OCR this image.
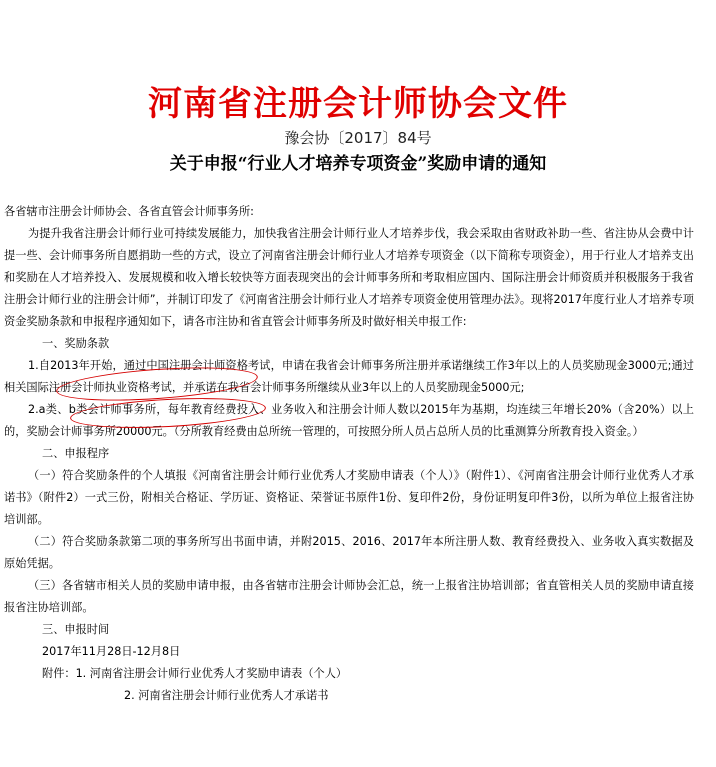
河南省注册会计师协会文件
豫会协〔2017〕84号
关于申报“行业人才培养专项资金”奖励申请的通知

各省辖市注册会计师协会、各省直管会计师事务所:

为提升我省注册会计师行业可持续发展能力，加快我省注册会计师行业人才培养步伐，我会采取由省财政补助一些、省注协从会费中计提一些、会计师事务所自愿捐助一些的方式，设立了河南省注册会计师行业人才培养专项资金（以下简称专项资金），用于行业人才培养支出和奖励在人才培养投入、发展规模和收入增长较快等方面表现突出的会计师事务所和考取相应国内、国际注册会计师资质并积极服务于我省注册会计师行业的注册会计师”，并制订印发了《河南省注册会计师行业人才培养专项资金使用管理办法》。现将2017年度行业人才培养专项资金奖励条款和申报程序通知如下，请各市注协和省直管会计师事务所及时做好相关申报工作:

一、奖励条款

1.自2013年开始，通过中国注册会计师资格考试，申请在我省会计师事务所注册并承诺继续工作3年以上的人员奖励现金3000元;通过相关国际注册会计师执业资格考试，并承诺在我省会计师事务所继续从业3年以上的人员奖励现金5000元;

2.a类、b类会计师事务所，每年教育经费投入、业务收入和注册会计师人数以2015年为基期，均连续三年增长20%（含20%）以上的，奖励会计师事务所20000元。（分所教育经费由总所统一管理的，可按照分所人员占总所人员的比重测算分所教育投入资金。）

二、申报程序

（一）符合奖励条件的个人填报《河南省注册会计师行业优秀人才奖励申请表（个人）》（附件1）、《河南省注册会计师行业优秀人才承诺书》（附件2）一式三份，附相关合格证、学历证、资格证、荣誉证书原件1份、复印件2份，身份证明复印件3份，以所为单位上报省注协培训部。

（二）符合奖励条款第二项的事务所写出书面申请，并附2015、2016、2017年本所注册人数、教育经费投入、业务收入真实数据及原始凭据。

（三）各省辖市相关人员的奖励申请申报，由各省辖市注册会计师协会汇总，统一上报省注协培训部；省直管相关人员的奖励申请直接报省注协培训部。

三、申报时间

2017年11月28日-12月8日

附件：1. 河南省注册会计师行业优秀人才奖励申请表（个人）

2. 河南省注册会计师行业优秀人才承诺书
